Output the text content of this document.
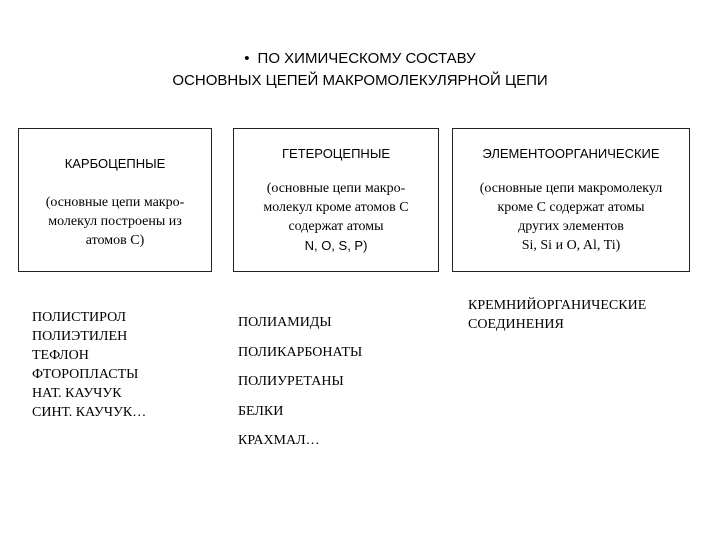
• ПО ХИМИЧЕСКОМУ СОСТАВУ
ОСНОВНЫХ ЦЕПЕЙ МАКРОМОЛЕКУЛЯРНОЙ ЦЕПИ
КАРБОЦЕПНЫЕ
(основные цепи макро-
молекул построены из
атомов С)
ГЕТЕРОЦЕПНЫЕ
(основные цепи макро-
молекул кроме атомов С
содержат атомы
N, O, S, P)
ЭЛЕМЕНТООРГАНИЧЕСКИЕ
(основные цепи макромолекул
кроме С содержат атомы
других элементов
Si, Si и O, Al, Ti)
ПОЛИСТИРОЛ
ПОЛИЭТИЛЕН
ТЕФЛОН
ФТОРОПЛАСТЫ
НАТ. КАУЧУК
СИНТ. КАУЧУК…
ПОЛИАМИДЫ
ПОЛИКАРБОНАТЫ
ПОЛИУРЕТАНЫ
БЕЛКИ
КРАХМАЛ…
КРЕМНИЙОРГАНИЧЕСКИЕ
СОЕДИНЕНИЯ
